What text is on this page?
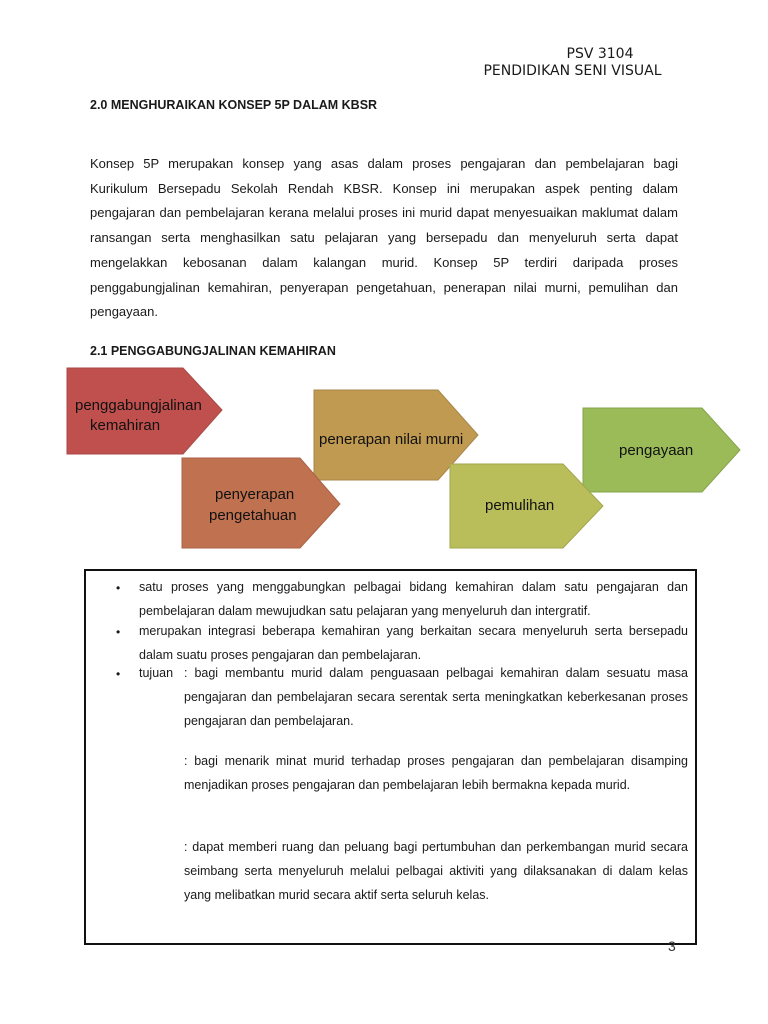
PSV 3104
PENDIDIKAN SENI VISUAL
2.0 MENGHURAIKAN KONSEP 5P DALAM KBSR
Konsep 5P merupakan konsep yang asas dalam proses pengajaran dan pembelajaran bagi Kurikulum Bersepadu Sekolah Rendah KBSR. Konsep ini merupakan aspek penting dalam pengajaran dan pembelajaran kerana melalui proses ini murid dapat menyesuaikan maklumat dalam ransangan serta menghasilkan satu pelajaran yang bersepadu dan menyeluruh serta dapat mengelakkan kebosanan dalam kalangan murid. Konsep 5P terdiri daripada proses penggabungjalinan kemahiran, penyerapan pengetahuan, penerapan nilai murni, pemulihan dan pengayaan.
2.1 PENGGABUNGJALINAN KEMAHIRAN
penggabungjalinan
kemahiran
penerapan nilai murni
pengayaan
penyerapan
pengetahuan
pemulihan
• satu proses yang menggabungkan pelbagai bidang kemahiran dalam satu pengajaran dan pembelajaran dalam mewujudkan satu pelajaran yang menyeluruh dan intergratif.
• merupakan integrasi beberapa kemahiran yang berkaitan secara menyeluruh serta bersepadu dalam suatu proses pengajaran dan pembelajaran.
• tujuan : bagi membantu murid dalam penguasaan pelbagai kemahiran dalam sesuatu masa pengajaran dan pembelajaran secara serentak serta meningkatkan keberkesanan proses pengajaran dan pembelajaran.
: bagi menarik minat murid terhadap proses pengajaran dan pembelajaran disamping menjadikan proses pengajaran dan pembelajaran lebih bermakna kepada murid.
: dapat memberi ruang dan peluang bagi pertumbuhan dan perkembangan murid secara seimbang serta menyeluruh melalui pelbagai aktiviti yang dilaksanakan di dalam kelas yang melibatkan murid secara aktif serta seluruh kelas.
3
